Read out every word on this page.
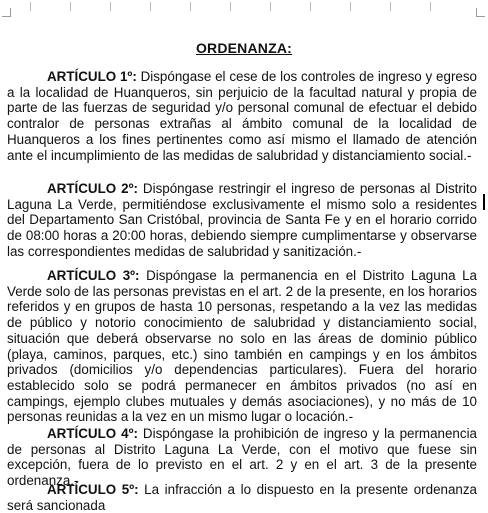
ORDENANZA:

ARTÍCULO 1º: Dispóngase el cese de los controles de ingreso y egreso a la localidad de Huanqueros, sin perjuicio de la facultad natural y propia de parte de las fuerzas de seguridad y/o personal comunal de efectuar el debido contralor de personas extrañas al ámbito comunal de la localidad de Huanqueros a los fines pertinentes como así mismo el llamado de atención ante el incumplimiento de las medidas de salubridad y distanciamiento social.-

ARTÍCULO 2º: Dispóngase restringir el ingreso de personas al Distrito Laguna La Verde, permitiéndose exclusivamente el mismo solo a residentes del Departamento San Cristóbal, provincia de Santa Fe y en el horario corrido de 08:00 horas a 20:00 horas, debiendo siempre cumplimentarse y observarse las correspondientes medidas de salubridad y sanitización.-

ARTÍCULO 3º: Dispóngase la permanencia en el Distrito Laguna La Verde solo de las personas previstas en el art. 2 de la presente, en los horarios referidos y en grupos de hasta 10 personas, respetando a la vez las medidas de público y notorio conocimiento de salubridad y distanciamiento social, situación que deberá observarse no solo en las áreas de dominio público (playa, caminos, parques, etc.) sino también en campings y en los ámbitos privados (domicilios y/o dependencias particulares). Fuera del horario establecido solo se podrá permanecer en ámbitos privados (no así en campings, ejemplo clubes mutuales y demás asociaciones), y no más de 10 personas reunidas a la vez en un mismo lugar o locación.-

ARTÍCULO 4º: Dispóngase la prohibición de ingreso y la permanencia de personas al Distrito Laguna La Verde, con el motivo que fuese sin excepción, fuera de lo previsto en el art. 2 y en el art. 3 de la presente ordenanza.-

ARTÍCULO 5º: La infracción a lo dispuesto en la presente ordenanza será sancionada
